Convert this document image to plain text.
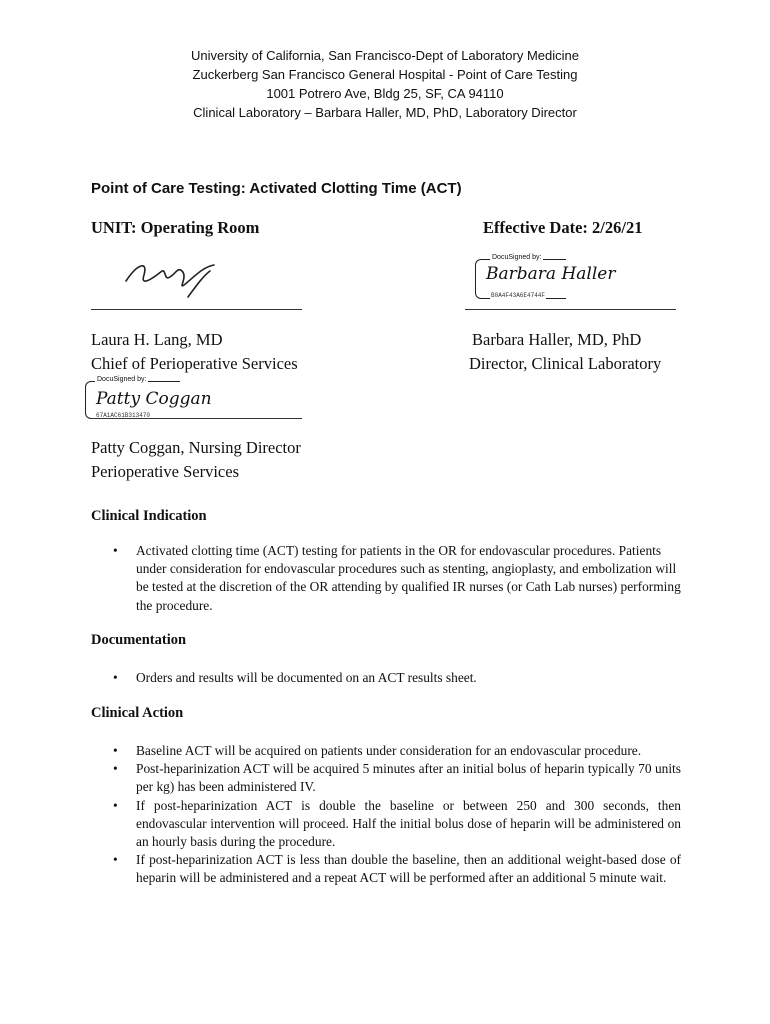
University of California, San Francisco-Dept of Laboratory Medicine
Zuckerberg San Francisco General Hospital - Point of Care Testing
1001 Potrero Ave, Bldg 25, SF, CA 94110
Clinical Laboratory – Barbara Haller, MD, PhD, Laboratory Director
Point of Care Testing: Activated Clotting Time (ACT)
UNIT: Operating Room	Effective Date: 2/26/21
DocuSigned by:
Barbara Haller
B0A4F43A6E4744F
Laura H. Lang, MD
Chief of Perioperative Services
Barbara Haller, MD, PhD
Director, Clinical Laboratory
DocuSigned by:
Patty Coggan
67A1AC61B313470
Patty Coggan, Nursing Director
Perioperative Services
Clinical Indication
• Activated clotting time (ACT) testing for patients in the OR for endovascular procedures. Patients under consideration for endovascular procedures such as stenting, angioplasty, and embolization will be tested at the discretion of the OR attending by qualified IR nurses (or Cath Lab nurses) performing the procedure.
Documentation
• Orders and results will be documented on an ACT results sheet.
Clinical Action
• Baseline ACT will be acquired on patients under consideration for an endovascular procedure.
• Post-heparinization ACT will be acquired 5 minutes after an initial bolus of heparin typically 70 units per kg) has been administered IV.
• If post-heparinization ACT is double the baseline or between 250 and 300 seconds, then endovascular intervention will proceed. Half the initial bolus dose of heparin will be administered on an hourly basis during the procedure.
• If post-heparinization ACT is less than double the baseline, then an additional weight-based dose of heparin will be administered and a repeat ACT will be performed after an additional 5 minute wait.
